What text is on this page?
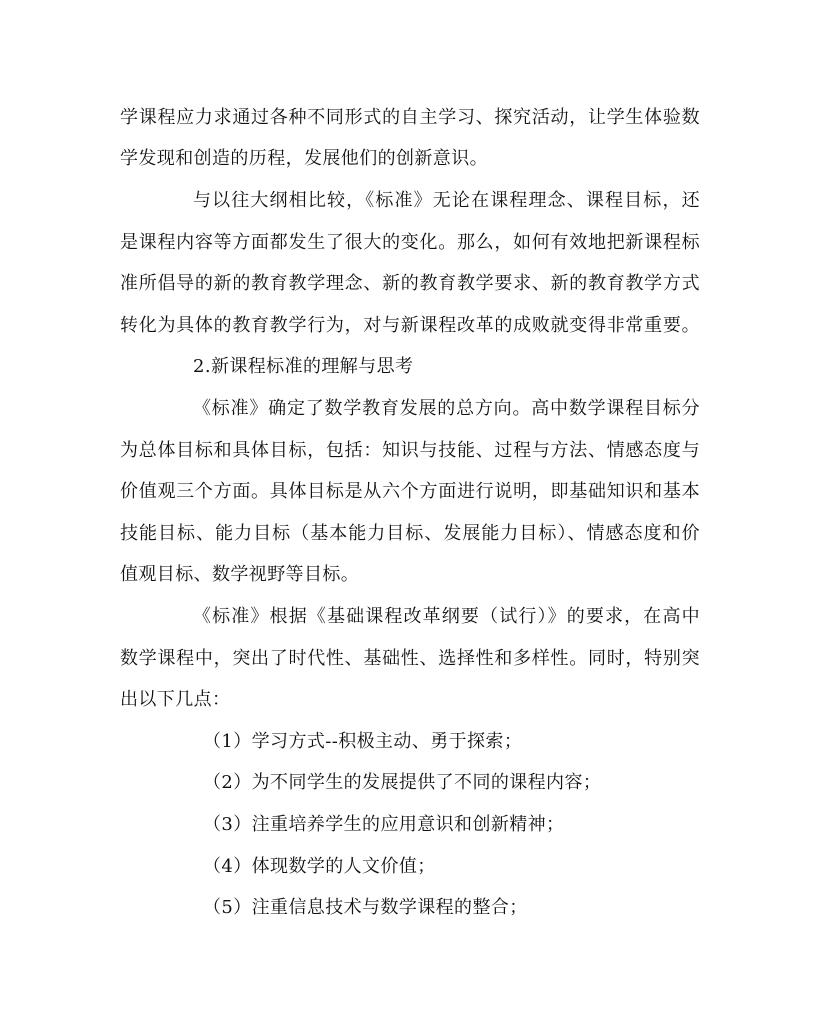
学课程应力求通过各种不同形式的自主学习、探究活动，让学生体验数

学发现和创造的历程，发展他们的创新意识。

与以往大纲相比较，《标准》无论在课程理念、课程目标，还

是课程内容等方面都发生了很大的变化。那么，如何有效地把新课程标

准所倡导的新的教育教学理念、新的教育教学要求、新的教育教学方式

转化为具体的教育教学行为，对与新课程改革的成败就变得非常重要。

2.新课程标准的理解与思考

《标准》确定了数学教育发展的总方向。高中数学课程目标分

为总体目标和具体目标，包括：知识与技能、过程与方法、情感态度与

价值观三个方面。具体目标是从六个方面进行说明，即基础知识和基本

技能目标、能力目标（基本能力目标、发展能力目标）、情感态度和价

值观目标、数学视野等目标。

《标准》根据《基础课程改革纲要（试行）》的要求，在高中

数学课程中，突出了时代性、基础性、选择性和多样性。同时，特别突

出以下几点：

（1）学习方式--积极主动、勇于探索；

（2）为不同学生的发展提供了不同的课程内容；

（3）注重培养学生的应用意识和创新精神；

（4）体现数学的人文价值；

（5）注重信息技术与数学课程的整合；
